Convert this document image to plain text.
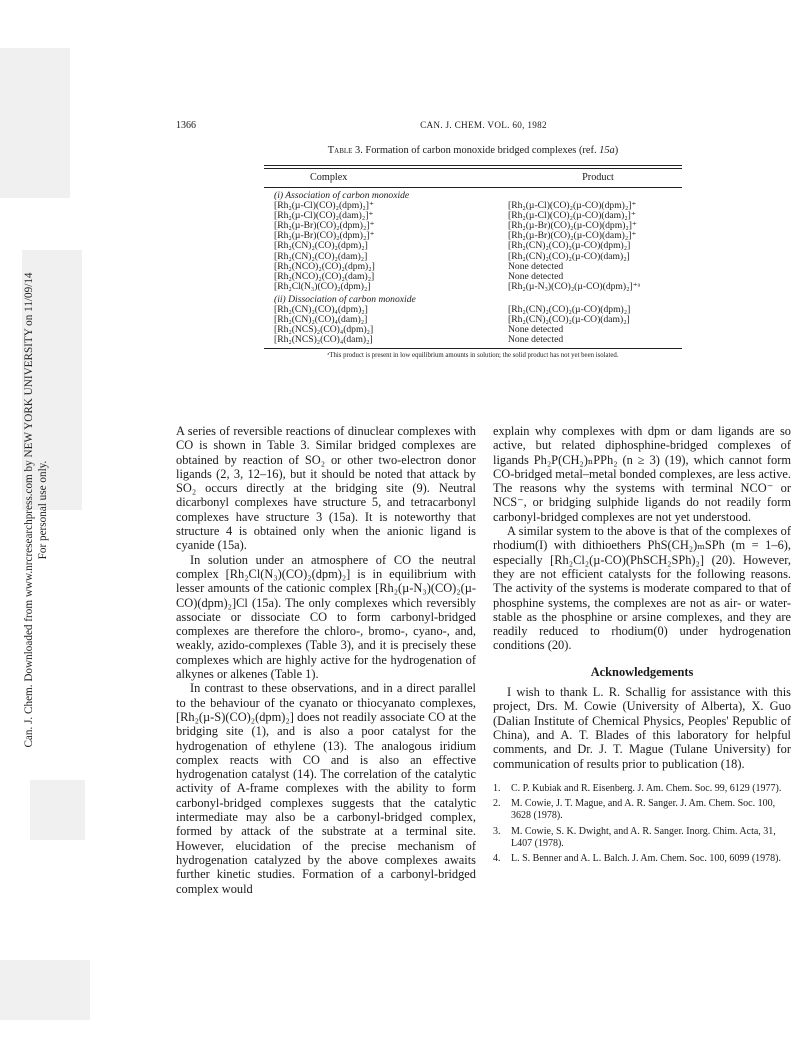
Can. J. Chem. Downloaded from www.nrcresearchpress.com by NEW YORK UNIVERSITY on 11/09/14 For personal use only.
1366	CAN. J. CHEM. VOL. 60, 1982
Table 3. Formation of carbon monoxide bridged complexes (ref. 15a)
Complex	Product
(i) Association of carbon monoxide
[Rh₂(µ-Cl)(CO)₂(dpm)₂]⁺	[Rh₂(µ-Cl)(CO)₂(µ-CO)(dpm)₂]⁺
[Rh₂(µ-Cl)(CO)₂(dam)₂]⁺	[Rh₂(µ-Cl)(CO)₂(µ-CO)(dam)₂]⁺
[Rh₂(µ-Br)(CO)₂(dpm)₂]⁺	[Rh₂(µ-Br)(CO)₂(µ-CO)(dpm)₂]⁺
[Rh₂(µ-Br)(CO)₂(dpm)₂]⁺	[Rh₂(µ-Br)(CO)₂(µ-CO)(dam)₂]⁺
[Rh₂(CN)₂(CO)₂(dpm)₂]	[Rh₂(CN)₂(CO)₂(µ-CO)(dpm)₂]
[Rh₂(CN)₂(CO)₂(dam)₂]	[Rh₂(CN)₂(CO)₂(µ-CO)(dam)₂]
[Rh₂(NCO)₂(CO)₂(dpm)₂]	None detected
[Rh₂(NCO)₂(CO)₂(dam)₂]	None detected
[Rh₂Cl(N₃)(CO)₂(dpm)₂]	[Rh₂(µ-N₃)(CO)₂(µ-CO)(dpm)₂]⁺ᵃ
(ii) Dissociation of carbon monoxide
[Rh₂(CN)₂(CO)₄(dpm)₂]	[Rh₂(CN)₂(CO)₂(µ-CO)(dpm)₂]
[Rh₂(CN)₂(CO)₄(dam)₂]	[Rh₂(CN)₂(CO)₂(µ-CO)(dam)₂]
[Rh₂(NCS)₂(CO)₄(dpm)₂]	None detected
[Rh₂(NCS)₂(CO)₄(dam)₂]	None detected
ᵃThis product is present in low equilibrium amounts in solution; the solid product has not yet been isolated.

A series of reversible reactions of dinuclear complexes with CO is shown in Table 3. Similar bridged complexes are obtained by reaction of SO₂ or other two-electron donor ligands (2, 3, 12–16), but it should be noted that attack by SO₂ occurs directly at the bridging site (9). Neutral dicarbonyl complexes have structure 5, and tetracarbonyl complexes have structure 3 (15a). It is noteworthy that structure 4 is obtained only when the anionic ligand is cyanide (15a).

In solution under an atmosphere of CO the neutral complex [Rh₂Cl(N₃)(CO)₂(dpm)₂] is in equilibrium with lesser amounts of the cationic complex [Rh₂(µ-N₃)(CO)₂(µ-CO)(dpm)₂]Cl (15a). The only complexes which reversibly associate or dissociate CO to form carbonyl-bridged complexes are therefore the chloro-, bromo-, cyano-, and, weakly, azido-complexes (Table 3), and it is precisely these complexes which are highly active for the hydrogenation of alkynes or alkenes (Table 1).

In contrast to these observations, and in a direct parallel to the behaviour of the cyanato or thiocyanato complexes, [Rh₂(µ-S)(CO)₂(dpm)₂] does not readily associate CO at the bridging site (1), and is also a poor catalyst for the hydrogenation of ethylene (13). The analogous iridium complex reacts with CO and is also an effective hydrogenation catalyst (14). The correlation of the catalytic activity of A-frame complexes with the ability to form carbonyl-bridged complexes suggests that the catalytic intermediate may also be a carbonyl-bridged complex, formed by attack of the substrate at a terminal site. However, elucidation of the precise mechanism of hydrogenation catalyzed by the above complexes awaits further kinetic studies. Formation of a carbonyl-bridged complex would

explain why complexes with dpm or dam ligands are so active, but related diphosphine-bridged complexes of ligands Ph₂P(CH₂)ₙPPh₂ (n ≥ 3) (19), which cannot form CO-bridged metal–metal bonded complexes, are less active. The reasons why the systems with terminal NCO⁻ or NCS⁻, or bridging sulphide ligands do not readily form carbonyl-bridged complexes are not yet understood.

A similar system to the above is that of the complexes of rhodium(I) with dithioethers PhS(CH₂)ₘSPh (m = 1–6), especially [Rh₂Cl₂(µ-CO)(PhSCH₂SPh)₂] (20). However, they are not efficient catalysts for the following reasons. The activity of the systems is moderate compared to that of phosphine systems, the complexes are not as air- or water-stable as the phosphine or arsine complexes, and they are readily reduced to rhodium(0) under hydrogenation conditions (20).

Acknowledgements

I wish to thank L. R. Schallig for assistance with this project, Drs. M. Cowie (University of Alberta), X. Guo (Dalian Institute of Chemical Physics, Peoples' Republic of China), and A. T. Blades of this laboratory for helpful comments, and Dr. J. T. Mague (Tulane University) for communication of results prior to publication (18).

1.	C. P. Kubiak and R. Eisenberg. J. Am. Chem. Soc. 99, 6129 (1977).
2.	M. Cowie, J. T. Mague, and A. R. Sanger. J. Am. Chem. Soc. 100, 3628 (1978).
3.	M. Cowie, S. K. Dwight, and A. R. Sanger. Inorg. Chim. Acta, 31, L407 (1978).
4.	L. S. Benner and A. L. Balch. J. Am. Chem. Soc. 100, 6099 (1978).
